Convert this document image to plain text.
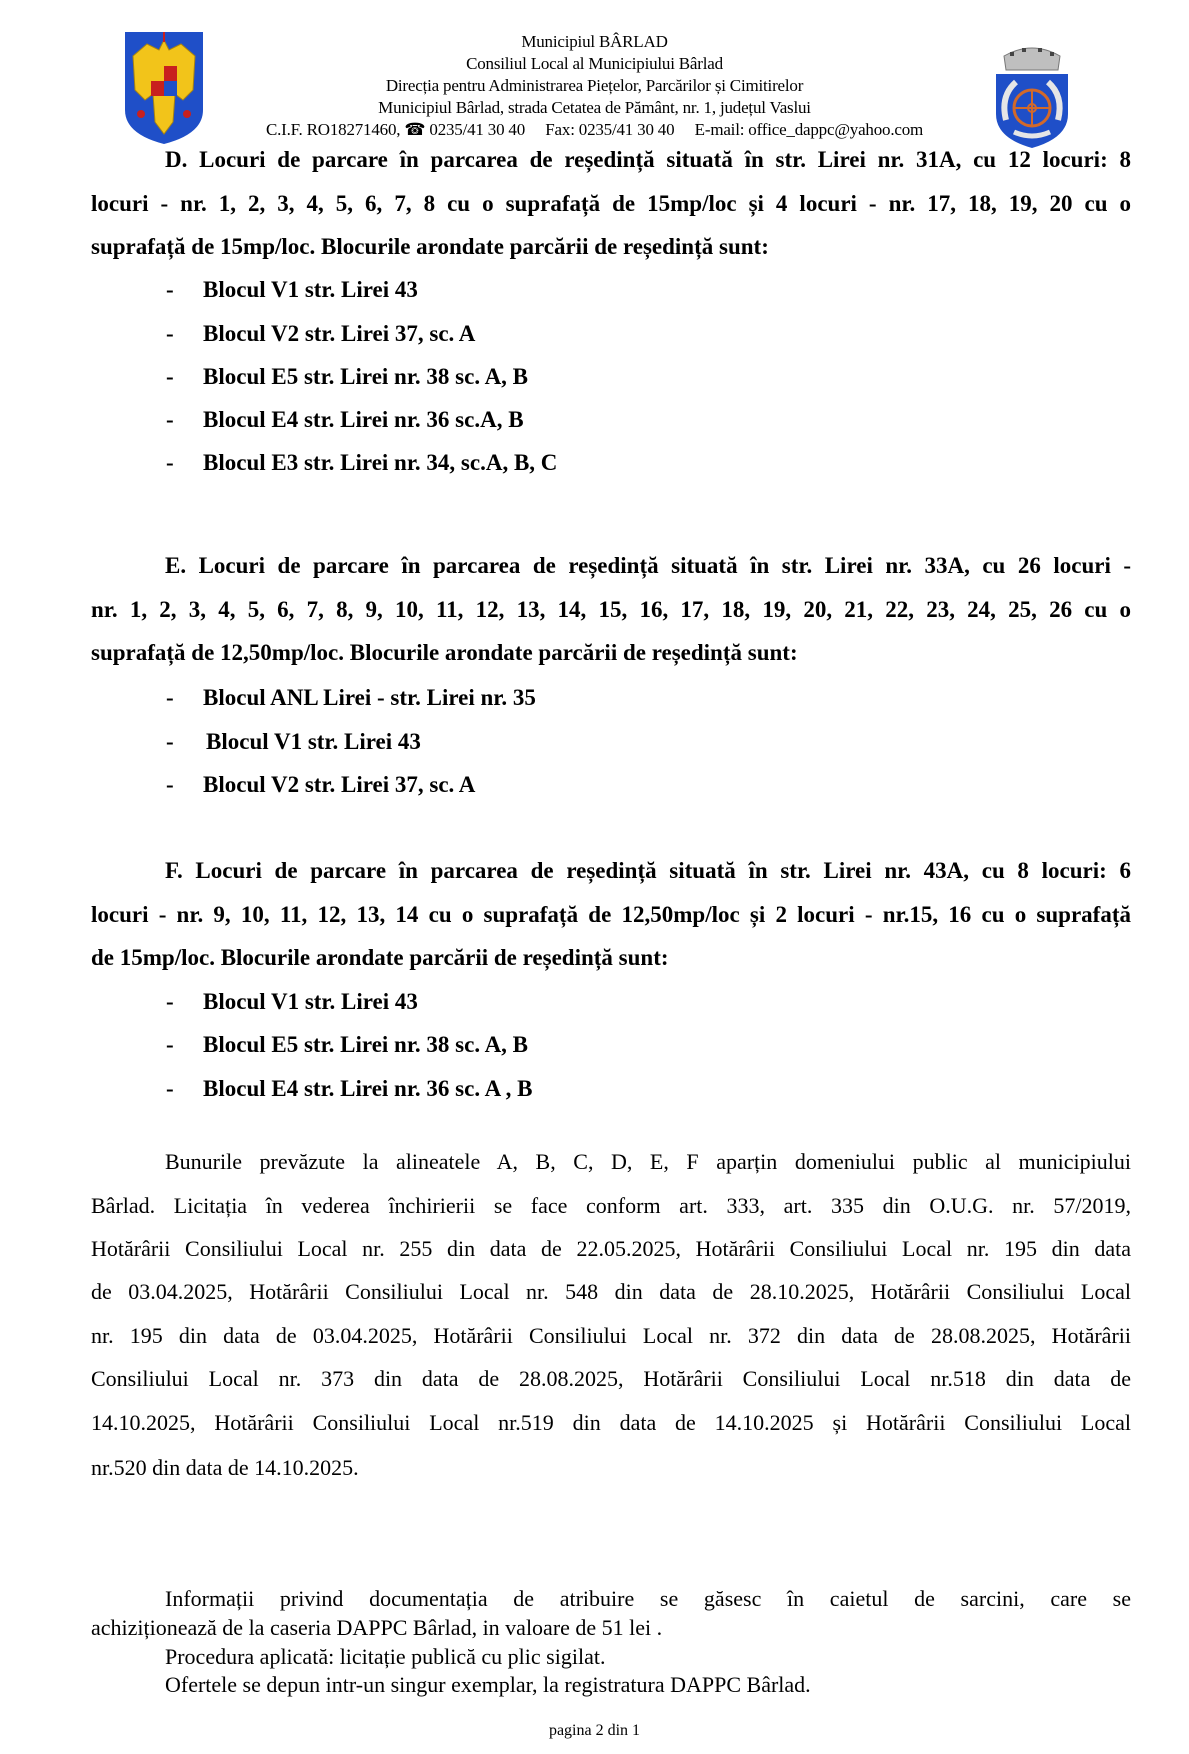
Municipiul BÂRLAD
Consiliul Local al Municipiului Bârlad
Direcția pentru Administrarea Piețelor, Parcărilor și Cimitirelor
Municipiul Bârlad, strada Cetatea de Pământ, nr. 1, județul Vaslui
C.I.F. RO18271460, ☎ 0235/41 30 40 Fax: 0235/41 30 40 E-mail: office_dappc@yahoo.com
D. Locuri de parcare în parcarea de reședință situată în str. Lirei nr. 31A, cu 12 locuri: 8
locuri - nr. 1, 2, 3, 4, 5, 6, 7, 8 cu o suprafață de 15mp/loc și 4 locuri - nr. 17, 18, 19, 20 cu o
suprafață de 15mp/loc. Blocurile arondate parcării de reședință sunt:
- Blocul V1 str. Lirei 43
- Blocul V2 str. Lirei 37, sc. A
- Blocul E5 str. Lirei nr. 38 sc. A, B
- Blocul E4 str. Lirei nr. 36 sc.A, B
- Blocul E3 str. Lirei nr. 34, sc.A, B, C
E. Locuri de parcare în parcarea de reședință situată în str. Lirei nr. 33A, cu 26 locuri -
nr. 1, 2, 3, 4, 5, 6, 7, 8, 9, 10, 11, 12, 13, 14, 15, 16, 17, 18, 19, 20, 21, 22, 23, 24, 25, 26 cu o
suprafață de 12,50mp/loc. Blocurile arondate parcării de reședință sunt:
- Blocul ANL Lirei - str. Lirei nr. 35
- Blocul V1 str. Lirei 43
- Blocul V2 str. Lirei 37, sc. A
F. Locuri de parcare în parcarea de reședință situată în str. Lirei nr. 43A, cu 8 locuri: 6
locuri - nr. 9, 10, 11, 12, 13, 14 cu o suprafață de 12,50mp/loc și 2 locuri - nr.15, 16 cu o suprafață
de 15mp/loc. Blocurile arondate parcării de reședință sunt:
- Blocul V1 str. Lirei 43
- Blocul E5 str. Lirei nr. 38 sc. A, B
- Blocul E4 str. Lirei nr. 36 sc. A , B
Bunurile prevăzute la alineatele A, B, C, D, E, F aparțin domeniului public al municipiului
Bârlad. Licitația în vederea închirierii se face conform art. 333, art. 335 din O.U.G. nr. 57/2019,
Hotărârii Consiliului Local nr. 255 din data de 22.05.2025, Hotărârii Consiliului Local nr. 195 din data
de 03.04.2025, Hotărârii Consiliului Local nr. 548 din data de 28.10.2025, Hotărârii Consiliului Local
nr. 195 din data de 03.04.2025, Hotărârii Consiliului Local nr. 372 din data de 28.08.2025, Hotărârii
Consiliului Local nr. 373 din data de 28.08.2025, Hotărârii Consiliului Local nr.518 din data de
14.10.2025, Hotărârii Consiliului Local nr.519 din data de 14.10.2025 și Hotărârii Consiliului Local
nr.520 din data de 14.10.2025.
Informații privind documentația de atribuire se găsesc în caietul de sarcini, care se
achiziționează de la caseria DAPPC Bârlad, in valoare de 51 lei .
Procedura aplicată: licitație publică cu plic sigilat.
Ofertele se depun intr-un singur exemplar, la registratura DAPPC Bârlad.
pagina 2 din 1
